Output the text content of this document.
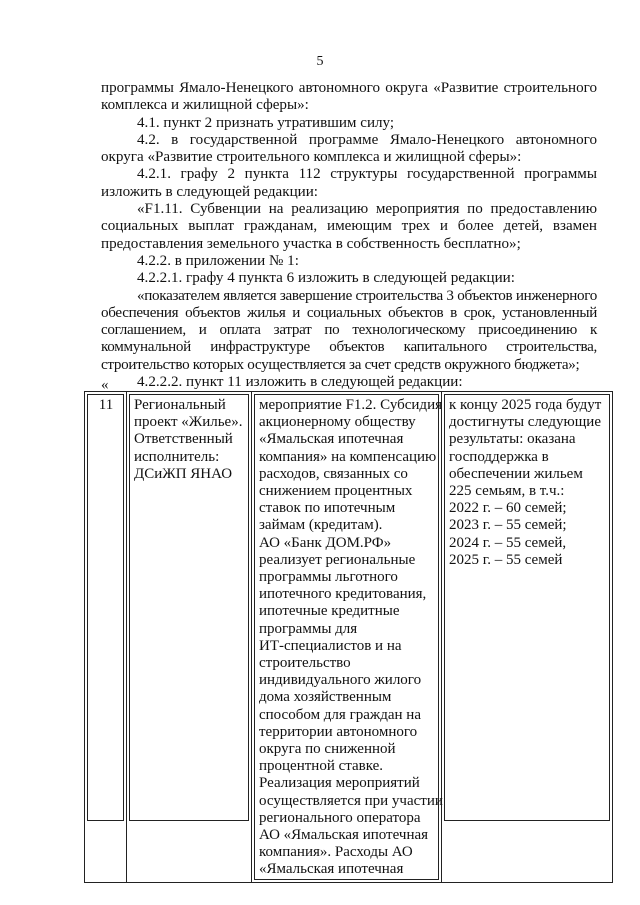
5

программы Ямало-Ненецкого автономного округа «Развитие строительного комплекса и жилищной сферы»:

4.1. пункт 2 признать утратившим силу;

4.2. в государственной программе Ямало-Ненецкого автономного округа «Развитие строительного комплекса и жилищной сферы»:

4.2.1. графу 2 пункта 112 структуры государственной программы изложить в следующей редакции:

«F1.11. Субвенции на реализацию мероприятия по предоставлению социальных выплат гражданам, имеющим трех и более детей, взамен предоставления земельного участка в собственность бесплатно»;

4.2.2. в приложении № 1:

4.2.2.1. графу 4 пункта 6 изложить в следующей редакции:

«показателем является завершение строительства 3 объектов инженерного обеспечения объектов жилья и социальных объектов в срок, установленный соглашением, и оплата затрат по технологическому присоединению к коммунальной инфраструктуре объектов капитального строительства, строительство которых осуществляется за счет средств окружного бюджета»;

4.2.2.2. пункт 11 изложить в следующей редакции:

«
11	Региональный
проект «Жилье».
Ответственный
исполнитель:
ДСиЖП ЯНАО

мероприятие F1.2. Субсидия
акционерному обществу
«Ямальская ипотечная
компания» на компенсацию
расходов, связанных со
снижением процентных
ставок по ипотечным
займам (кредитам).
АО «Банк ДОМ.РФ»
реализует региональные
программы льготного
ипотечного кредитования,
ипотечные кредитные
программы для
ИТ-специалистов и на
строительство
индивидуального жилого
дома хозяйственным
способом для граждан на
территории автономного
округа по сниженной
процентной ставке.
Реализация мероприятий
осуществляется при участии
регионального оператора
АО «Ямальская ипотечная
компания». Расходы АО
«Ямальская ипотечная

к концу 2025 года будут
достигнуты следующие
результаты: оказана
господдержка в
обеспечении жильем
225 семьям, в т.ч.:
2022 г. – 60 семей;
2023 г. – 55 семей;
2024 г. – 55 семей,
2025 г. – 55 семей
